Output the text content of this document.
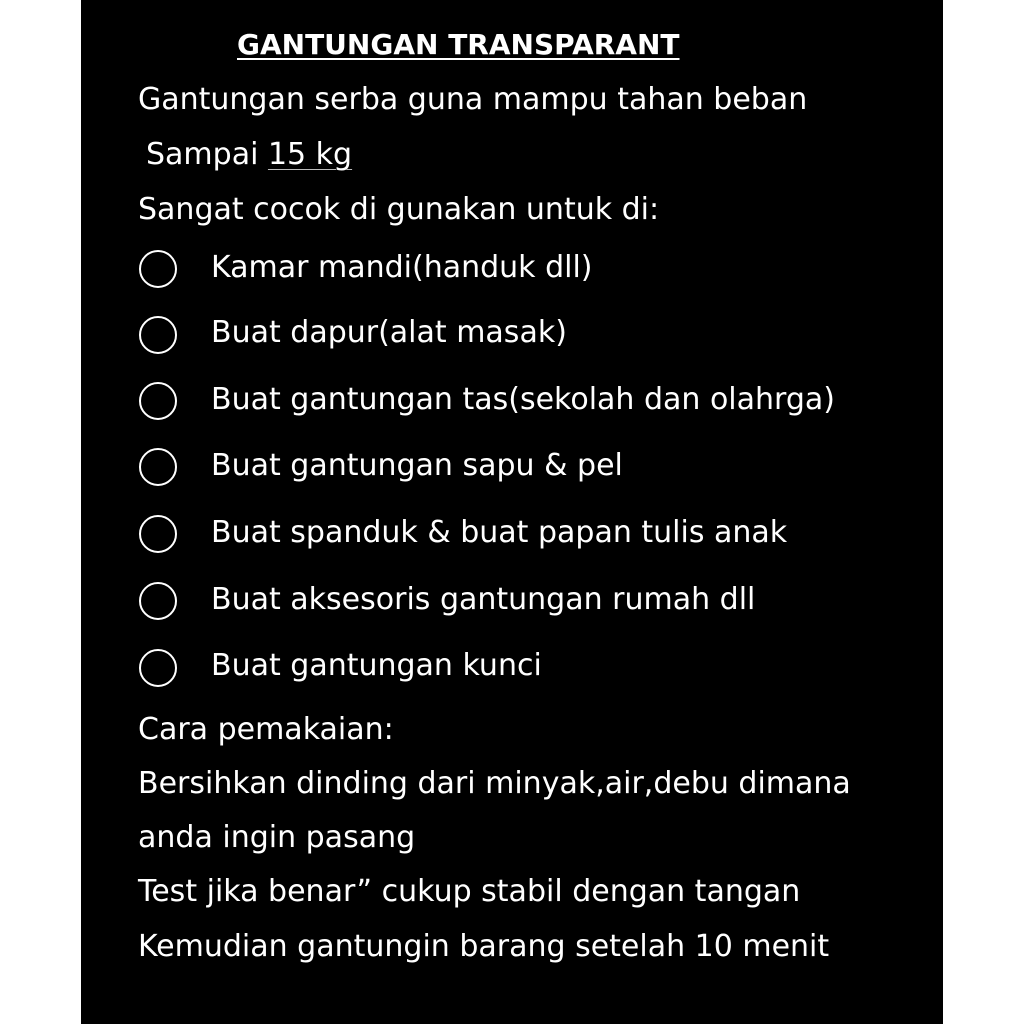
GANTUNGAN TRANSPARANT
Gantungan serba guna mampu tahan beban
Sampai 15 kg
Sangat cocok di gunakan untuk di:
Kamar mandi(handuk dll)
Buat dapur(alat masak)
Buat gantungan tas(sekolah dan olahrga)
Buat gantungan sapu & pel
Buat spanduk & buat papan tulis anak
Buat aksesoris gantungan rumah dll
Buat gantungan kunci
Cara pemakaian:
Bersihkan dinding dari minyak,air,debu dimana
anda ingin pasang
Test jika benar” cukup stabil dengan tangan
Kemudian gantungin barang setelah 10 menit
